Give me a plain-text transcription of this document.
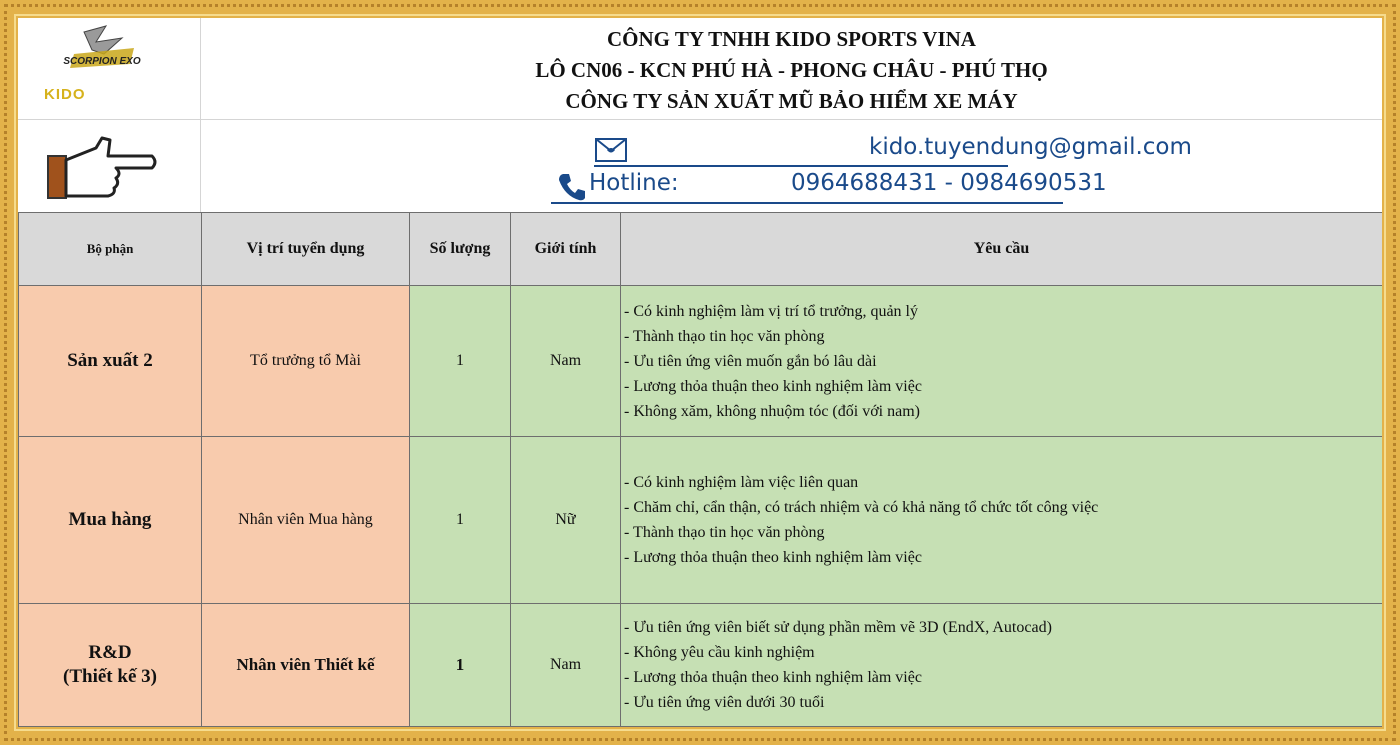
SCORPION EXO
KIDO
CÔNG TY TNHH KIDO SPORTS VINA
LÔ CN06 - KCN PHÚ HÀ - PHONG CHÂU - PHÚ THỌ
CÔNG TY SẢN XUẤT MŨ BẢO HIỂM XE MÁY
kido.tuyendung@gmail.com
Hotline:	0964688431 - 0984690531
Bộ phận	Vị trí tuyển dụng	Số lượng	Giới tính	Yêu cầu
Sản xuất 2	Tổ trưởng tổ Mài	1	Nam	- Có kinh nghiệm làm vị trí tổ trưởng, quản lý
- Thành thạo tin học văn phòng
- Ưu tiên ứng viên muốn gắn bó lâu dài
- Lương thỏa thuận theo kinh nghiệm làm việc
- Không xăm, không nhuộm tóc (đối với nam)

Mua hàng	Nhân viên Mua hàng	1	Nữ	- Có kinh nghiệm làm việc liên quan
- Chăm chỉ, cẩn thận, có trách nhiệm và có khả năng tổ chức tốt công việc
- Thành thạo tin học văn phòng
- Lương thỏa thuận theo kinh nghiệm làm việc

R&D
(Thiết kế 3)	Nhân viên Thiết kế	1	Nam	- Ưu tiên ứng viên biết sử dụng phần mềm vẽ 3D (EndX, Autocad)
- Không yêu cầu kinh nghiệm
- Lương thỏa thuận theo kinh nghiệm làm việc
- Ưu tiên ứng viên dưới 30 tuổi
